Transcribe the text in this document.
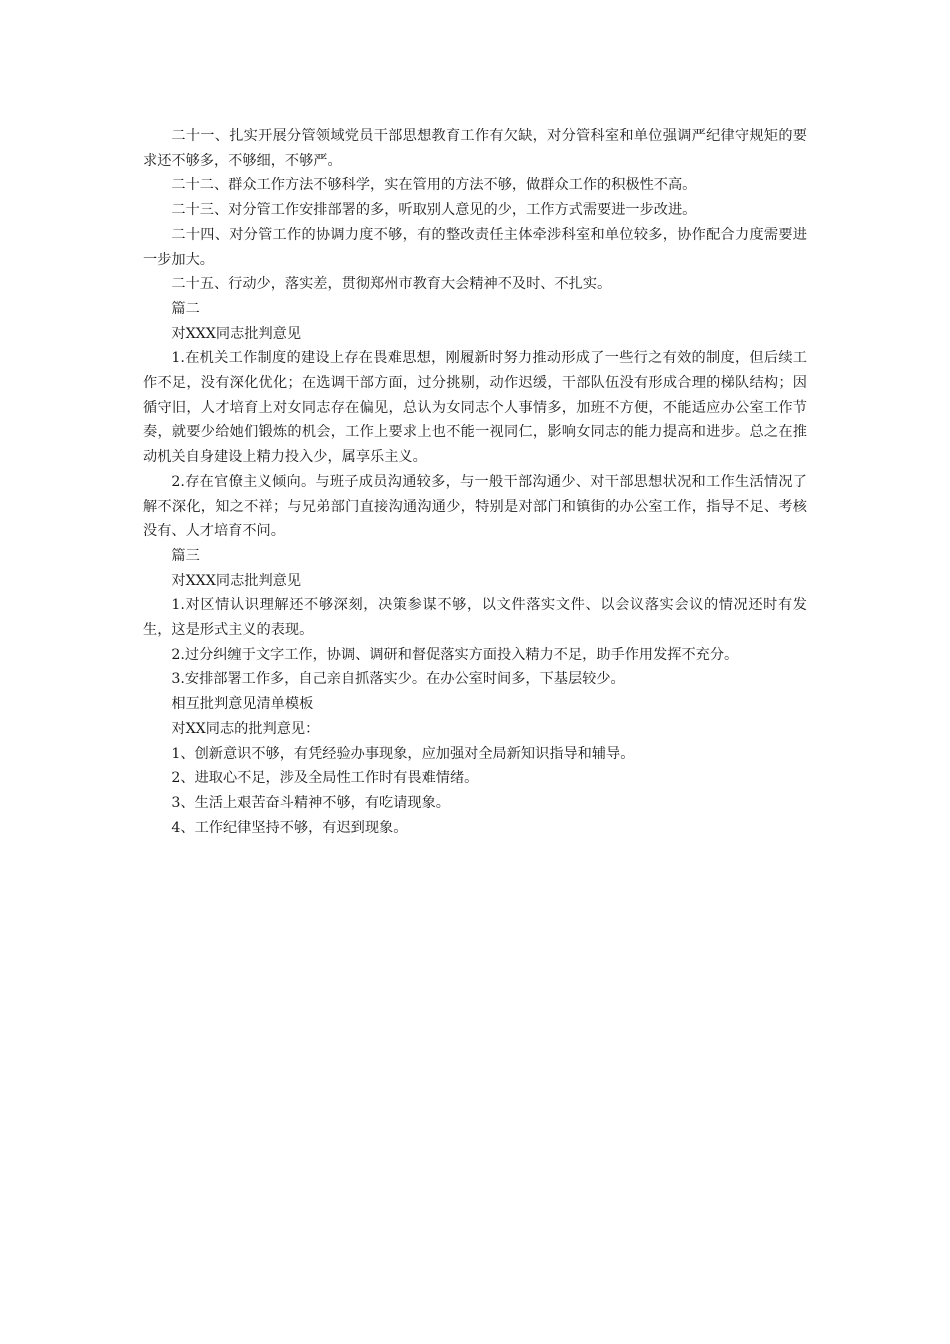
二十一、扎实开展分管领域党员干部思想教育工作有欠缺，对分管科室和单位强调严纪律守规矩的要求还不够多，不够细，不够严。

二十二、群众工作方法不够科学，实在管用的方法不够，做群众工作的积极性不高。

二十三、对分管工作安排部署的多，听取别人意见的少，工作方式需要进一步改进。

二十四、对分管工作的协调力度不够，有的整改责任主体牵涉科室和单位较多，协作配合力度需要进一步加大。

二十五、行动少，落实差，贯彻郑州市教育大会精神不及时、不扎实。

篇二

对XXX同志批判意见

1.在机关工作制度的建设上存在畏难思想，刚履新时努力推动形成了一些行之有效的制度，但后续工作不足，没有深化优化；在选调干部方面，过分挑剔，动作迟缓，干部队伍没有形成合理的梯队结构；因循守旧，人才培育上对女同志存在偏见，总认为女同志个人事情多，加班不方便，不能适应办公室工作节奏，就要少给她们锻炼的机会，工作上要求上也不能一视同仁，影响女同志的能力提高和进步。总之在推动机关自身建设上精力投入少，属享乐主义。

2.存在官僚主义倾向。与班子成员沟通较多，与一般干部沟通少、对干部思想状况和工作生活情况了解不深化，知之不祥；与兄弟部门直接沟通沟通少，特别是对部门和镇街的办公室工作，指导不足、考核没有、人才培育不问。

篇三

对XXX同志批判意见

1.对区情认识理解还不够深刻，决策参谋不够，以文件落实文件、以会议落实会议的情况还时有发生，这是形式主义的表现。

2.过分纠缠于文字工作，协调、调研和督促落实方面投入精力不足，助手作用发挥不充分。

3.安排部署工作多，自己亲自抓落实少。在办公室时间多，下基层较少。

相互批判意见清单模板

对XX同志的批判意见：

1、创新意识不够，有凭经验办事现象，应加强对全局新知识指导和辅导。

2、进取心不足，涉及全局性工作时有畏难情绪。

3、生活上艰苦奋斗精神不够，有吃请现象。

4、工作纪律坚持不够，有迟到现象。
